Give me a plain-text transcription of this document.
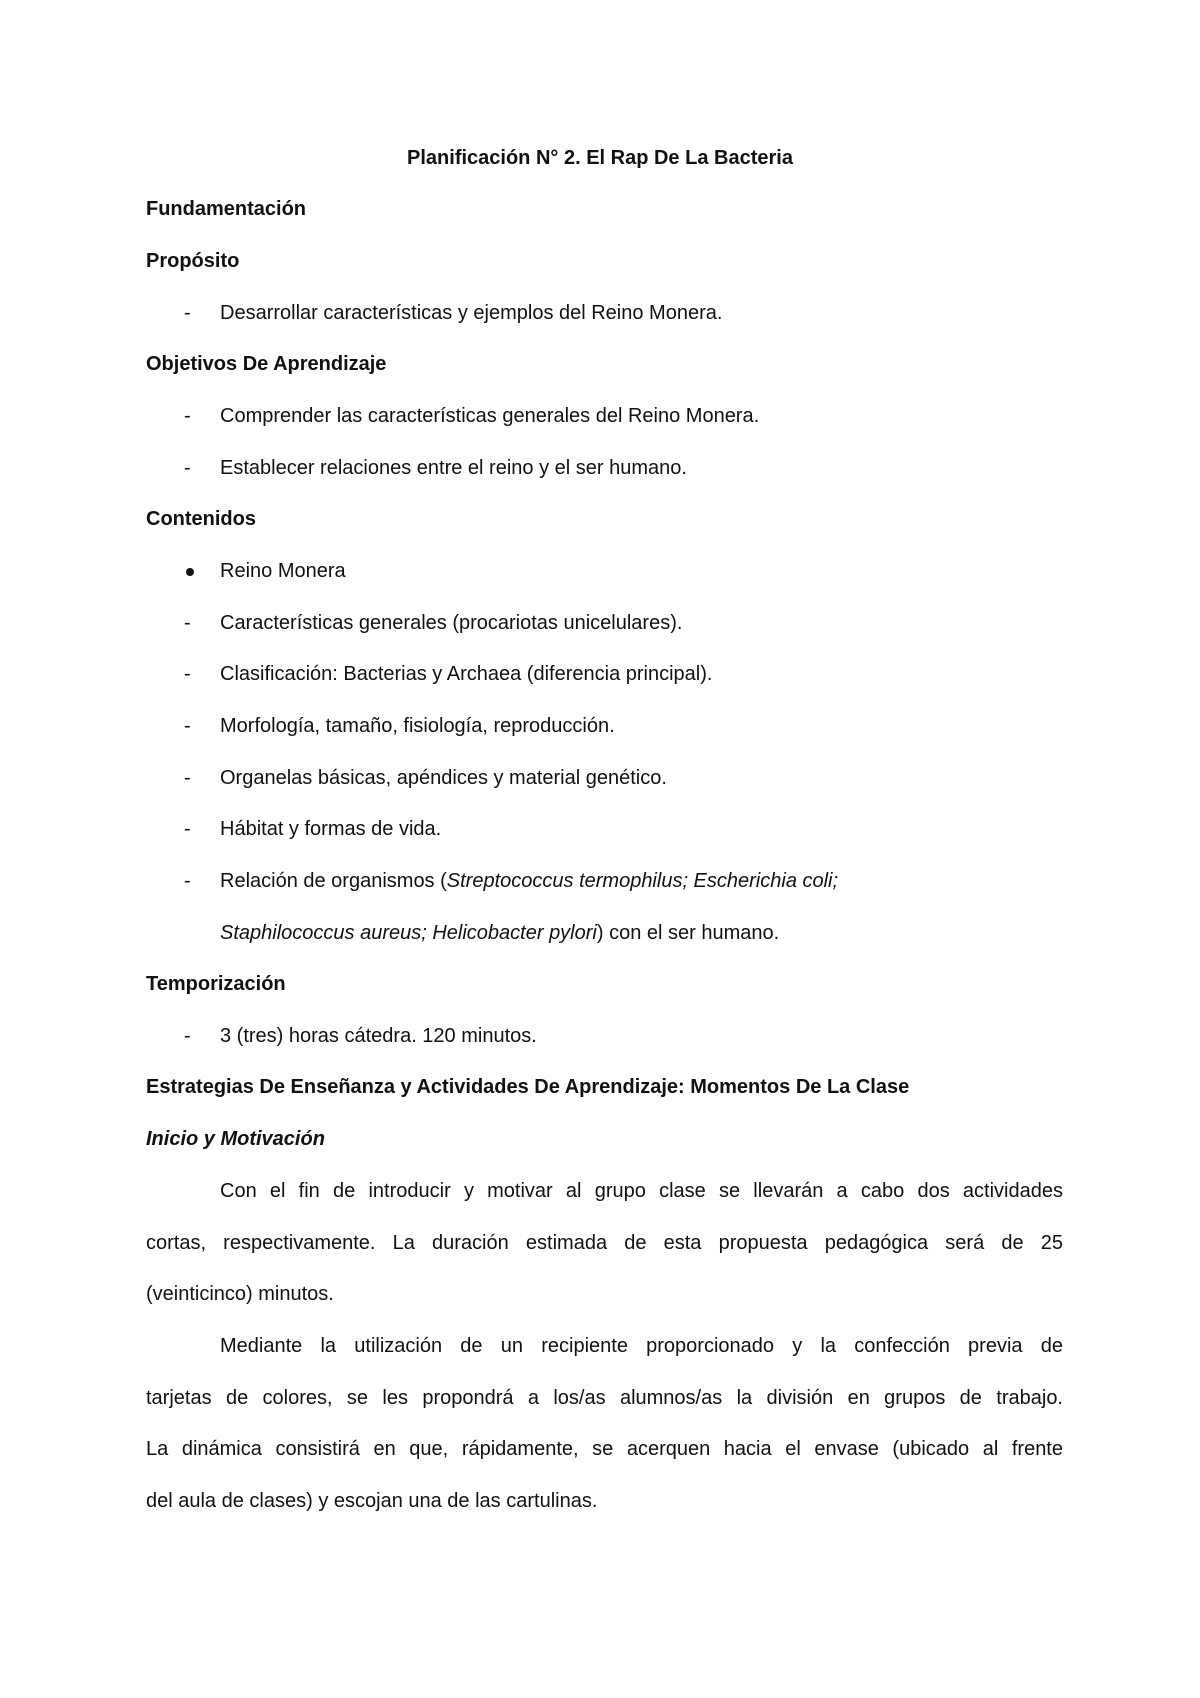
Planificación N° 2. El Rap De La Bacteria
Fundamentación
Propósito
-	Desarrollar características y ejemplos del Reino Monera.
Objetivos De Aprendizaje
-	Comprender las características generales del Reino Monera.
-	Establecer relaciones entre el reino y el ser humano.
Contenidos
Reino Monera
-	Características generales (procariotas unicelulares).
-	Clasificación: Bacterias y Archaea (diferencia principal).
-	Morfología, tamaño, fisiología, reproducción.
-	Organelas básicas, apéndices y material genético.
-	Hábitat y formas de vida.
-	Relación de organismos (Streptococcus termophilus; Escherichia coli;
Staphilococcus aureus; Helicobacter pylori) con el ser humano.
Temporización
-	3 (tres) horas cátedra. 120 minutos.
Estrategias De Enseñanza y Actividades De Aprendizaje: Momentos De La Clase
Inicio y Motivación
Con el fin de introducir y motivar al grupo clase se llevarán a cabo dos actividades
cortas, respectivamente. La duración estimada de esta propuesta pedagógica será de 25
(veinticinco) minutos.
Mediante la utilización de un recipiente proporcionado y la confección previa de
tarjetas de colores, se les propondrá a los/as alumnos/as la división en grupos de trabajo.
La dinámica consistirá en que, rápidamente, se acerquen hacia el envase (ubicado al frente
del aula de clases) y escojan una de las cartulinas.
